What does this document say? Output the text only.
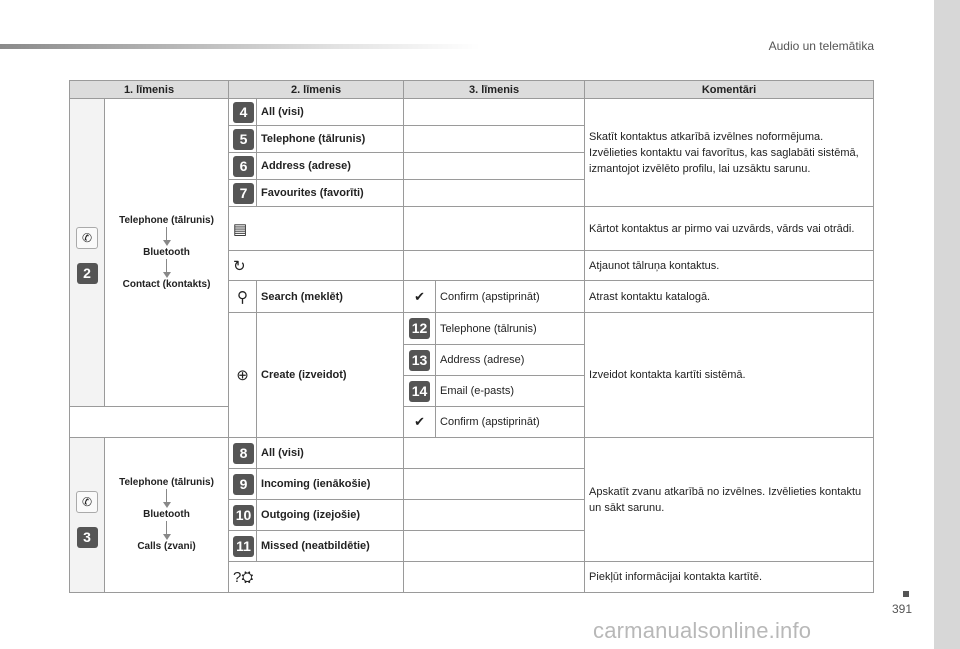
Audio un telemātika
1. līmenis		2. līmenis		3. līmenis		Komentāri

✆
2	Telephone (tālrunis)
Bluetooth
Contact (kontakts)	4	All (visi)			Skatīt kontaktus atkarībā izvēlnes noformējuma. Izvēlieties kontaktu vai favorītus, kas saglabāti sistēmā, izmantojot izvēlēto profilu, lai uzsāktu sarunu.
		5	Telephone (tālrunis)			
		6	Address (adrese)			
		7	Favourites (favorīti)			
		▤				Kārtot kontaktus ar pirmo vai uzvārds, vārds vai otrādi.
		↻				Atjaunot tālruņa kontaktus.
		⚲	Search (meklēt)	✔	Confirm (apstiprināt)	Atrast kontaktu katalogā.
		⊕	Create (izveidot)	12	Telephone (tālrunis)	Izveidot kontakta kartīti sistēmā.
				13	Address (adrese)	
				14	Email (e-pasts)	
				✔	Confirm (apstiprināt)

✆
3	Telephone (tālrunis)
Bluetooth
Calls (zvani)	8	All (visi)			Apskatīt zvanu atkarībā no izvēlnes. Izvēlieties kontaktu un sākt sarunu.
		9	Incoming (ienākošie)			
		10	Outgoing (izejošie)			
		11	Missed (neatbildētie)			
		?⛭				Piekļūt informācijai kontakta kartītē.
391
carmanualsonline.info
